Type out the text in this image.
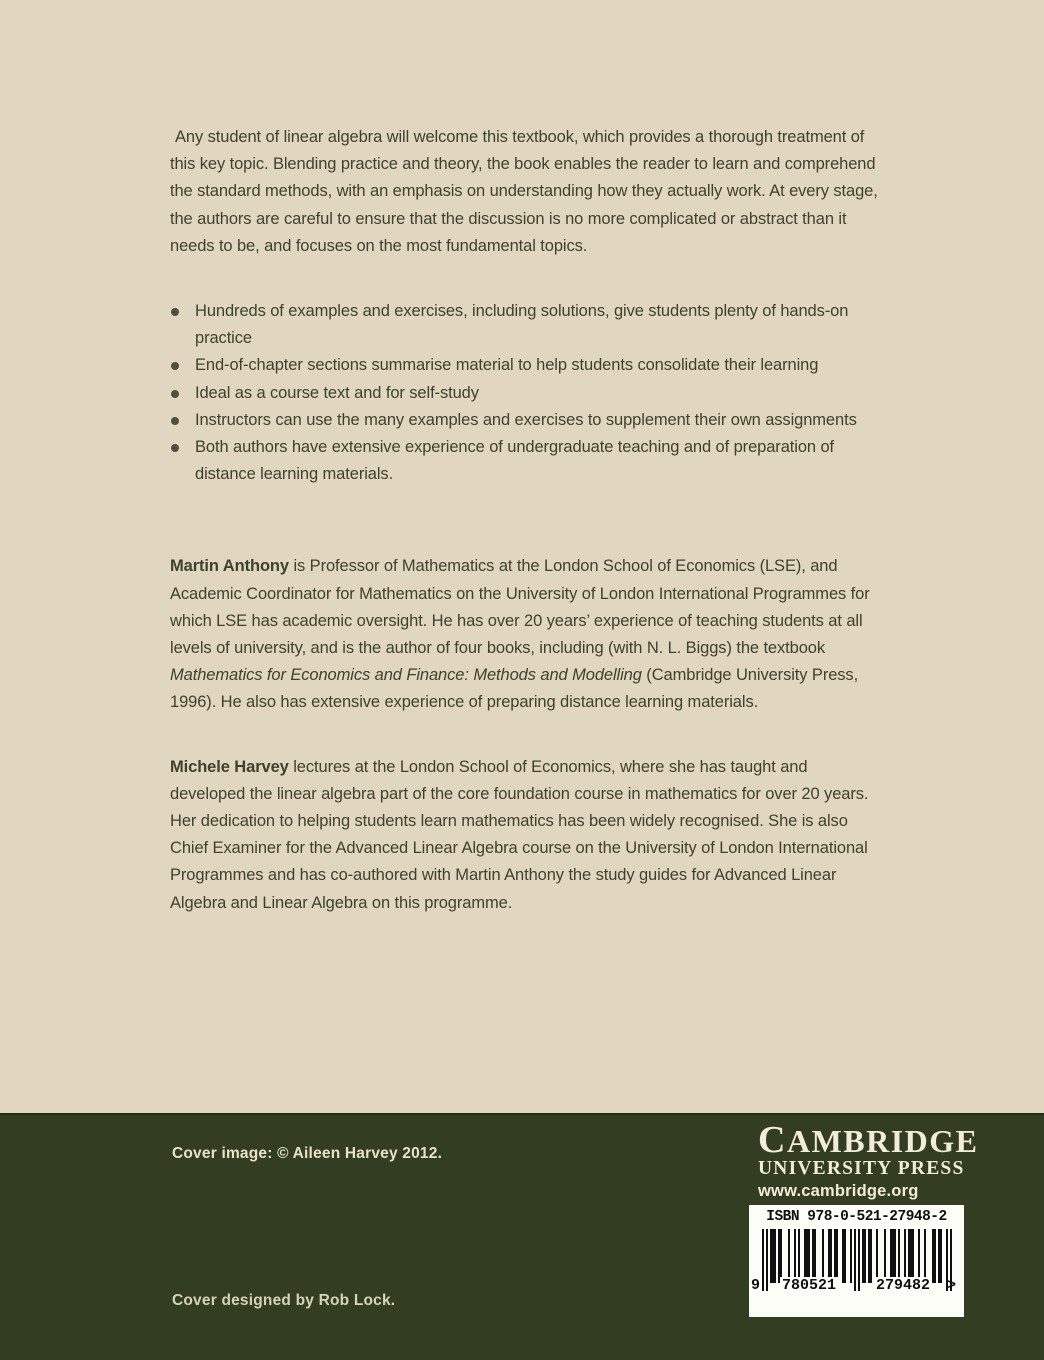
Any student of linear algebra will welcome this textbook, which provides a thorough treatment of this key topic. Blending practice and theory, the book enables the reader to learn and comprehend the standard methods, with an emphasis on understanding how they actually work. At every stage, the authors are careful to ensure that the discussion is no more complicated or abstract than it needs to be, and focuses on the most fundamental topics.

Hundreds of examples and exercises, including solutions, give students plenty of hands-on practice
End-of-chapter sections summarise material to help students consolidate their learning
Ideal as a course text and for self-study
Instructors can use the many examples and exercises to supplement their own assignments
Both authors have extensive experience of undergraduate teaching and of preparation of distance learning materials.

Martin Anthony is Professor of Mathematics at the London School of Economics (LSE), and Academic Coordinator for Mathematics on the University of London International Programmes for which LSE has academic oversight. He has over 20 years’ experience of teaching students at all levels of university, and is the author of four books, including (with N. L. Biggs) the textbook Mathematics for Economics and Finance: Methods and Modelling (Cambridge University Press, 1996). He also has extensive experience of preparing distance learning materials.

Michele Harvey lectures at the London School of Economics, where she has taught and developed the linear algebra part of the core foundation course in mathematics for over 20 years. Her dedication to helping students learn mathematics has been widely recognised. She is also Chief Examiner for the Advanced Linear Algebra course on the University of London International Programmes and has co-authored with Martin Anthony the study guides for Advanced Linear Algebra and Linear Algebra on this programme.

Cover image: © Aileen Harvey 2012.
Cover designed by Rob Lock.
CAMBRIDGE
UNIVERSITY PRESS
www.cambridge.org
ISBN 978-0-521-27948-2
9 780521	279482 >
